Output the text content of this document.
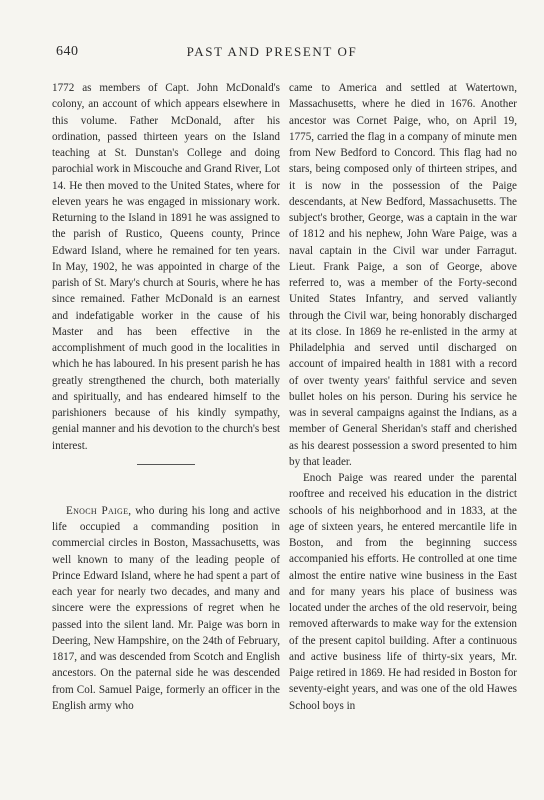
640	PAST AND PRESENT OF

1772 as members of Capt. John McDonald's colony, an account of which appears elsewhere in this volume. Father McDonald, after his ordination, passed thirteen years on the Island teaching at St. Dunstan's College and doing parochial work in Miscouche and Grand River, Lot 14. He then moved to the United States, where for eleven years he was engaged in missionary work. Returning to the Island in 1891 he was assigned to the parish of Rustico, Queens county, Prince Edward Island, where he remained for ten years. In May, 1902, he was appointed in charge of the parish of St. Mary's church at Souris, where he has since remained. Father McDonald is an earnest and indefatigable worker in the cause of his Master and has been effective in the accomplishment of much good in the localities in which he has laboured. In his present parish he has greatly strengthened the church, both materially and spiritually, and has endeared himself to the parishioners because of his kindly sympathy, genial manner and his devotion to the church's best interest.

Enoch Paige, who during his long and active life occupied a commanding position in commercial circles in Boston, Massachusetts, was well known to many of the leading people of Prince Edward Island, where he had spent a part of each year for nearly two decades, and many and sincere were the expressions of regret when he passed into the silent land. Mr. Paige was born in Deering, New Hampshire, on the 24th of February, 1817, and was descended from Scotch and English ancestors. On the paternal side he was descended from Col. Samuel Paige, formerly an officer in the English army who

came to America and settled at Watertown, Massachusetts, where he died in 1676. Another ancestor was Cornet Paige, who, on April 19, 1775, carried the flag in a company of minute men from New Bedford to Concord. This flag had no stars, being composed only of thirteen stripes, and it is now in the possession of the Paige descendants, at New Bedford, Massachusetts. The subject's brother, George, was a captain in the war of 1812 and his nephew, John Ware Paige, was a naval captain in the Civil war under Farragut. Lieut. Frank Paige, a son of George, above referred to, was a member of the Forty-second United States Infantry, and served valiantly through the Civil war, being honorably discharged at its close. In 1869 he re-enlisted in the army at Philadelphia and served until discharged on account of impaired health in 1881 with a record of over twenty years' faithful service and seven bullet holes on his person. During his service he was in several campaigns against the Indians, as a member of General Sheridan's staff and cherished as his dearest possession a sword presented to him by that leader.

Enoch Paige was reared under the parental rooftree and received his education in the district schools of his neighborhood and in 1833, at the age of sixteen years, he entered mercantile life in Boston, and from the beginning success accompanied his efforts. He controlled at one time almost the entire native wine business in the East and for many years his place of business was located under the arches of the old reservoir, being removed afterwards to make way for the extension of the present capitol building. After a continuous and active business life of thirty-six years, Mr. Paige retired in 1869. He had resided in Boston for seventy-eight years, and was one of the old Hawes School boys in
